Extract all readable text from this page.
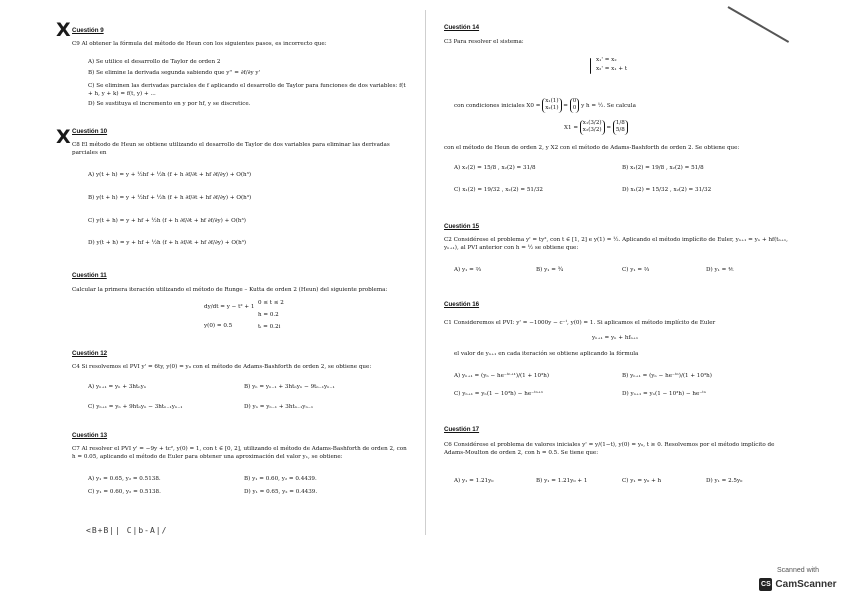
X
X
<B+B|| C|b-A|/
Cuestión 9
C9 Al obtener la fórmula del método de Heun con los siguientes pasos, es incorrecto que:
A) Se utilice el desarrollo de Taylor de orden 2
B) Se elimine la derivada segunda sabiendo que y'' = ∂f/∂y y'
C) Se eliminen las derivadas parciales de f aplicando el desarrollo de Taylor para funciones de dos variables: f(t + h, y + k) = f(t, y) + ...
D) Se sustituya el incremento en y por hf, y se discretice.
Cuestión 10
C8 El método de Heun se obtiene utilizando el desarrollo de Taylor de dos variables para eliminar las derivadas parciales en
A) y(t + h) = y + ½hf + ½h (f + h ∂f/∂t + hf ∂f/∂y) + O(h³)
B) y(t + h) = y + ½hf + ½h (f + h ∂f/∂t + hf ∂f/∂y) + O(h³)
C) y(t + h) = y + hf + ½h (f + h ∂f/∂t + hf ∂f/∂y) + O(h³)
D) y(t + h) = y + hf + ½h (f + h ∂f/∂t + hf ∂f/∂y) + O(h³)
Cuestión 11
Calcular la primera iteración utilizando el método de Runge – Kutta de orden 2 (Heun) del siguiente problema:
dy/dt = y − t² + 1
y(0) = 0.5
0 ≤ t ≤ 2
h = 0.2
tᵢ = 0.2i
Cuestión 12
C4 Si resolvemos el PVI y' = 6ty, y(0) = y₀ con el método de Adams-Bashforth de orden 2, se obtiene que:
A) yₙ₊₁ = yₙ + 3htₙyₙ	B) yₙ = yₙ₋₁ + 3htₙyₙ − 9tₙ₋₁yₙ₋₁
C) yₙ₊₁ = yₙ + 9htₙyₙ − 3htₙ₋₁yₙ₋₁	D) yₙ = yₙ₋₁ + 3htₙ₋₁yₙ₋₁
Cuestión 13
C7 Al resolver el PVI y' = −9y + tc², y(0) = 1, con t ∈ [0, 2], utilizando el método de Adams-Bashforth de orden 2, con h = 0.05, aplicando el método de Euler para obtener una aproximación del valor y₁, se obtiene:
A) y₁ = 0.65, y₂ = 0.5138.	B) y₁ = 0.60, y₂ = 0.4439.
C) y₁ = 0.60, y₂ = 0.5138.	D) y₁ = 0.65, y₂ = 0.4439.
Cuestión 14
C3 Para resolver el sistema:
x₁' = x₂
x₂' = x₁ + t
con condiciones iniciales X0 =
x₁(1)
x₂(1) =
0
0 y h = ½. Se calcula
X1 =
x₁(3/2)
x₂(3/2) =
1/8
5/8
con el método de Heun de orden 2, y X2 con el método de Adams-Bashforth de orden 2. Se obtiene que:
A) x₁(2) = 15/8 , x₂(2) = 31/8	B) x₁(2) = 19/8 , x₂(2) = 51/8
C) x₁(2) = 19/32 , x₂(2) = 51/32	D) x₁(2) = 15/32 , x₂(2) = 31/32
Cuestión 15
C2 Considérese el problema y' = ty², con t ∈ [1, 2] e y(1) = ½. Aplicando el método implícito de Euler, yₙ₊₁ = yₙ + hf(tₙ₊₁, yₙ₊₁), al PVI anterior con h = ½ se obtiene que:
A) y₁ = ⅔	B) y₁ = ¾	C) y₁ = ⅔	D) y₁ = ⅘
Cuestión 16
C1 Consideremos el PVI: y' = −1000y − c⁻ᵗ, y(0) = 1. Si aplicamos el método implícito de Euler
yₙ₊₁ = yₙ + hfₙ₊₁
el valor de yₙ₊₁ en cada iteración se obtiene aplicando la fórmula
A) yₙ₊₁ = (yₙ − he⁻ᵗⁿ⁺¹)/(1 + 10³h)	B) yₙ₊₁ = (yₙ − he⁻ᵗⁿ)/(1 + 10³h)
C) yₙ₊₁ = yₙ(1 − 10³h) − he⁻ᵗⁿ⁺¹	D) yₙ₊₁ = yₙ(1 − 10³h) − he⁻ᵗⁿ
Cuestión 17
C6 Considérese el problema de valores iniciales y' = y/(1−t), y(0) = y₀, t ≥ 0. Resolvemos por el método implícito de Adams-Moulton de orden 2, con h = 0.5. Se tiene que:
A) y₁ = 1.21y₀	B) y₁ = 1.21y₀ + 1	C) y₁ = y₀ + h	D) y₁ = 2.5y₀
Scanned with
CS CamScanner
